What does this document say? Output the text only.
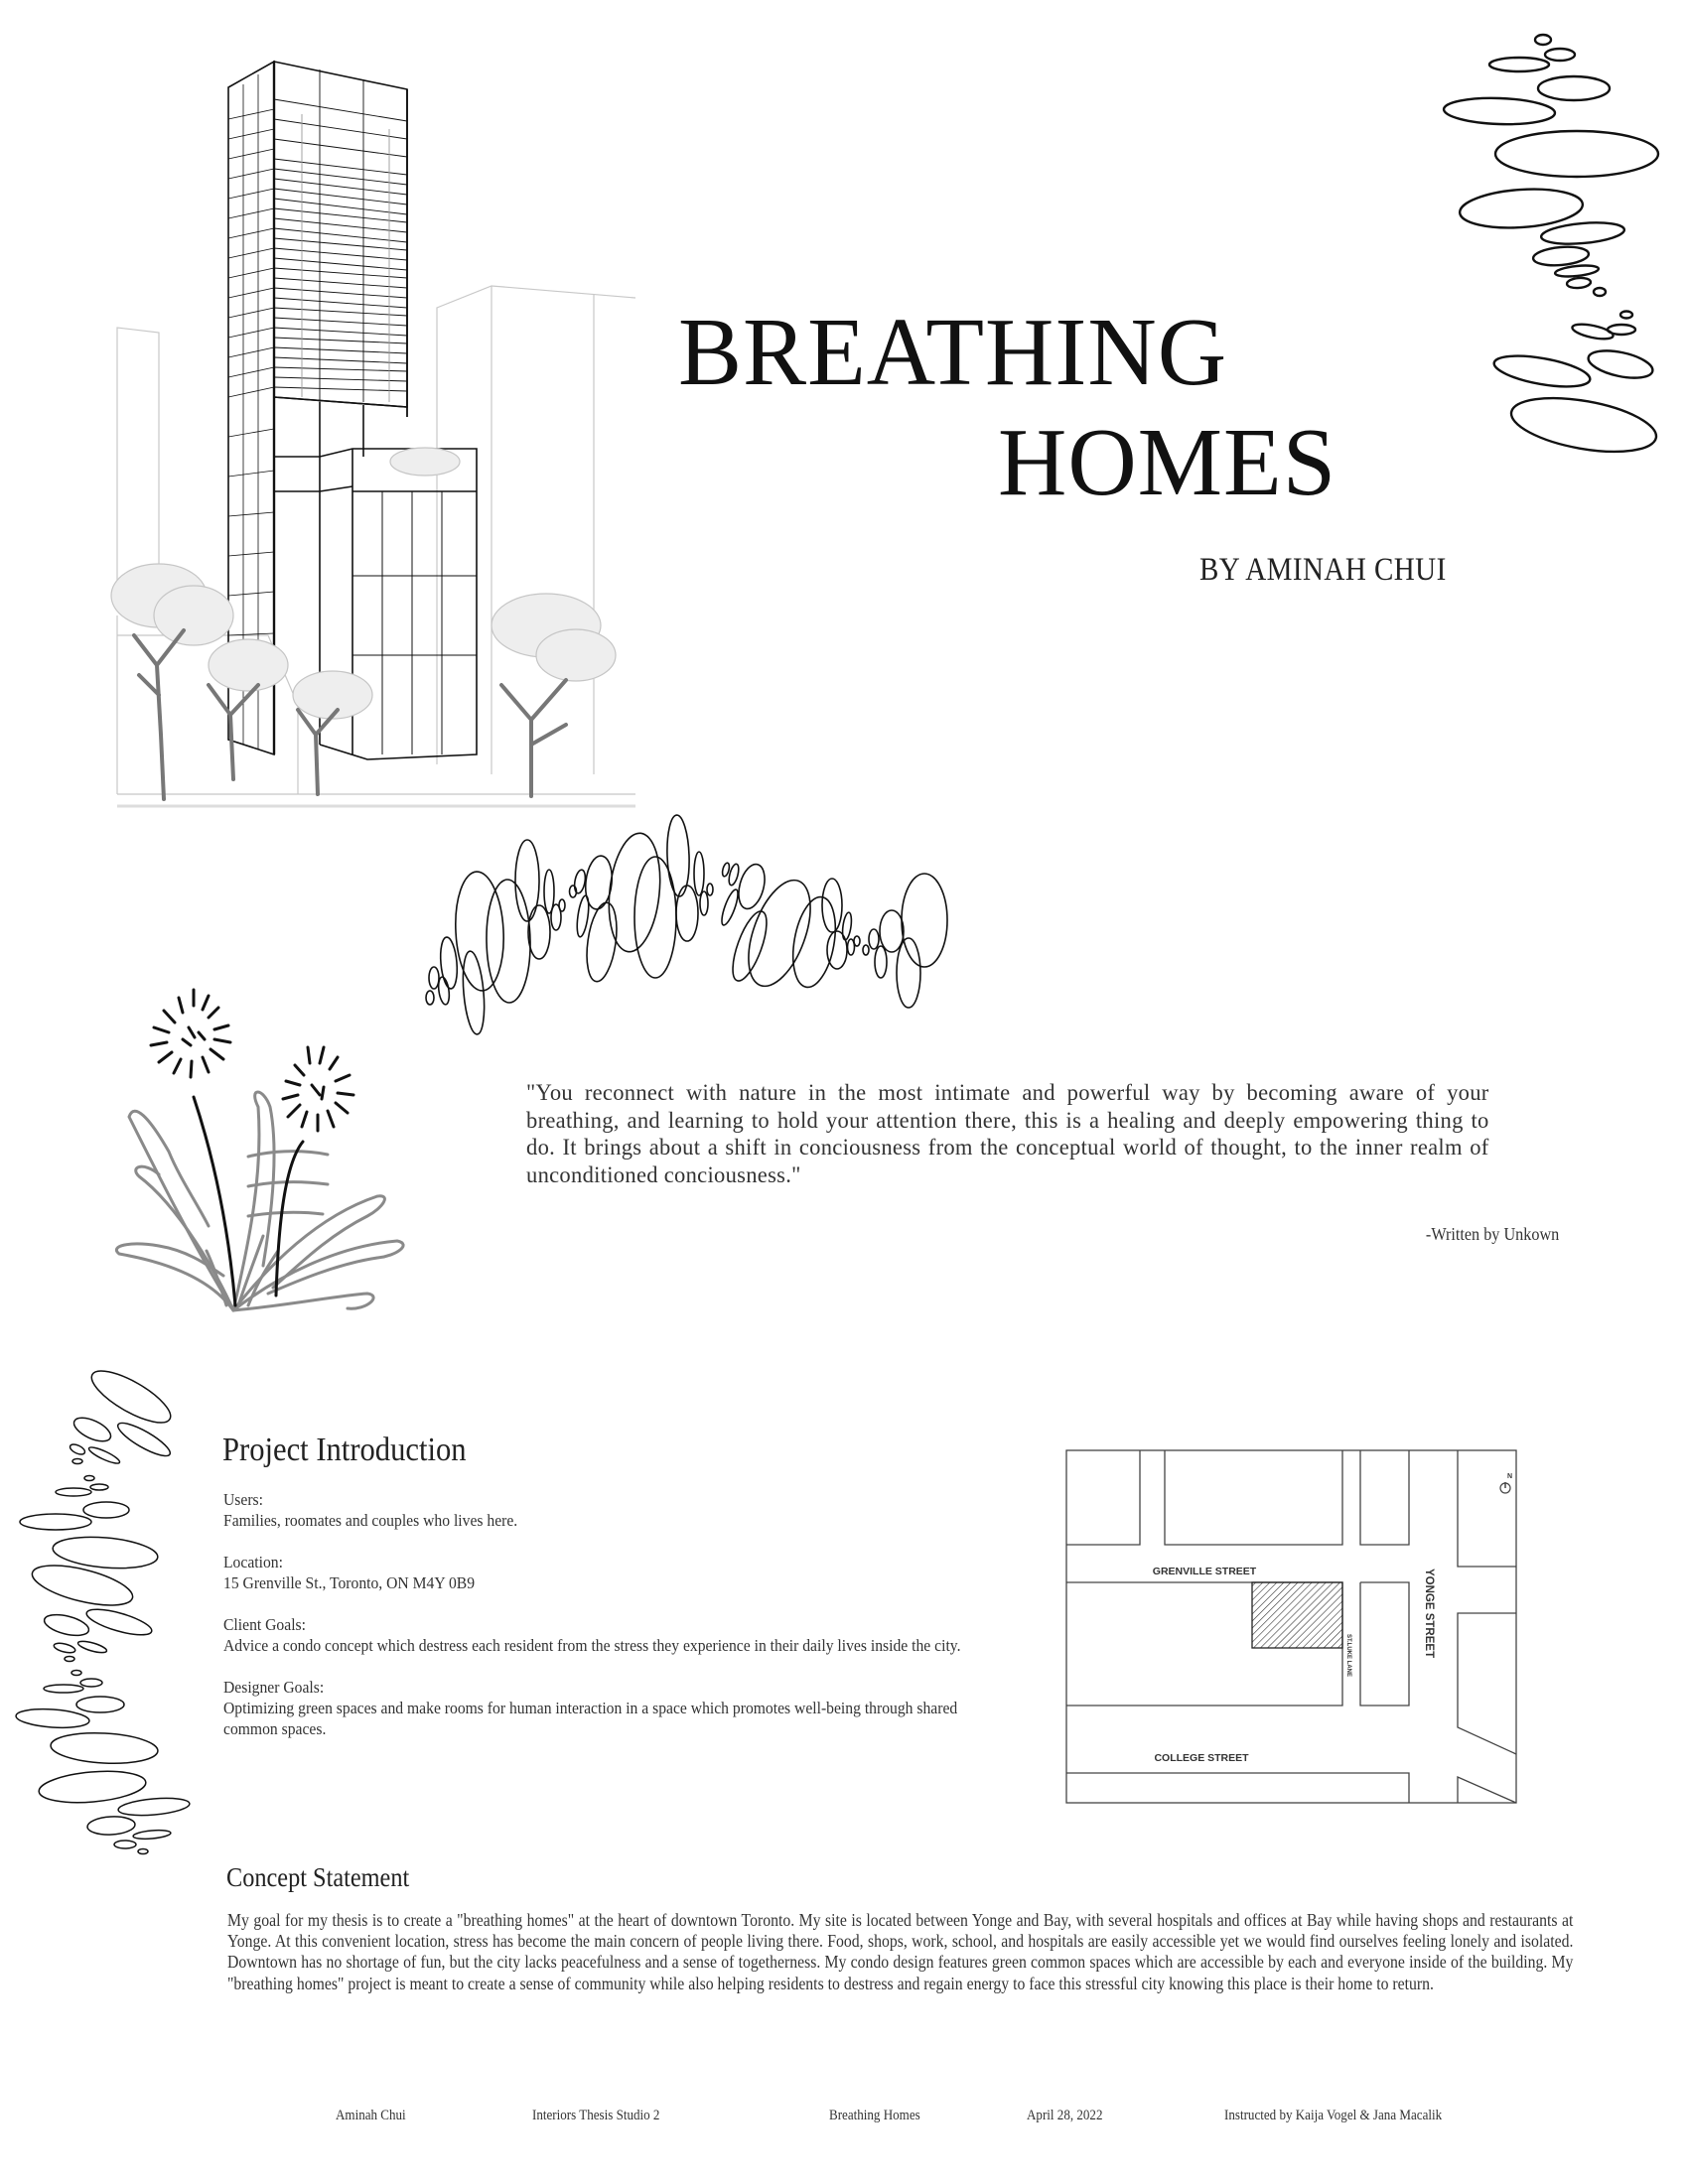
BREATHING
HOMES
BY AMINAH CHUI
"You reconnect with nature in the most intimate and powerful way by becoming aware of your breathing, and learning to hold your attention there, this is a healing and deeply empowering thing to do. It brings about a shift in conciousness from the conceptual world of thought, to the inner realm of unconditioned conciousness."
-Written by Unkown
Project Introduction
Users:
Families, roomates and couples who lives here.
Location:
15 Grenville St., Toronto, ON M4Y 0B9
Client Goals:
Advice a condo concept which destress each resident from the stress they experience in their daily lives inside the city.
Designer Goals:
Optimizing green spaces and make rooms for human interaction in a space which promotes well-being through shared common spaces.
GRENVILLE STREET
COLLEGE STREET
YONGE STREET
ST.LUKE LANE
N
Concept Statement
My goal for my thesis is to create a "breathing homes" at the heart of downtown Toronto. My site is located between Yonge and Bay, with several hospitals and offices at Bay while having shops and restaurants at Yonge. At this convenient location, stress has become the main concern of people living there. Food, shops, work, school, and hospitals are easily accessible yet we would find ourselves feeling lonely and isolated. Downtown has no shortage of fun, but the city lacks peacefulness and a sense of togetherness. My condo design features green common spaces which are accessible by each and everyone inside of the building. My "breathing homes" project is meant to create a sense of community while also helping residents to destress and regain energy to face this stressful city knowing this place is their home to return.
Aminah Chui	Interiors Thesis Studio 2	Breathing Homes	April 28, 2022	Instructed by Kaija Vogel & Jana Macalik
